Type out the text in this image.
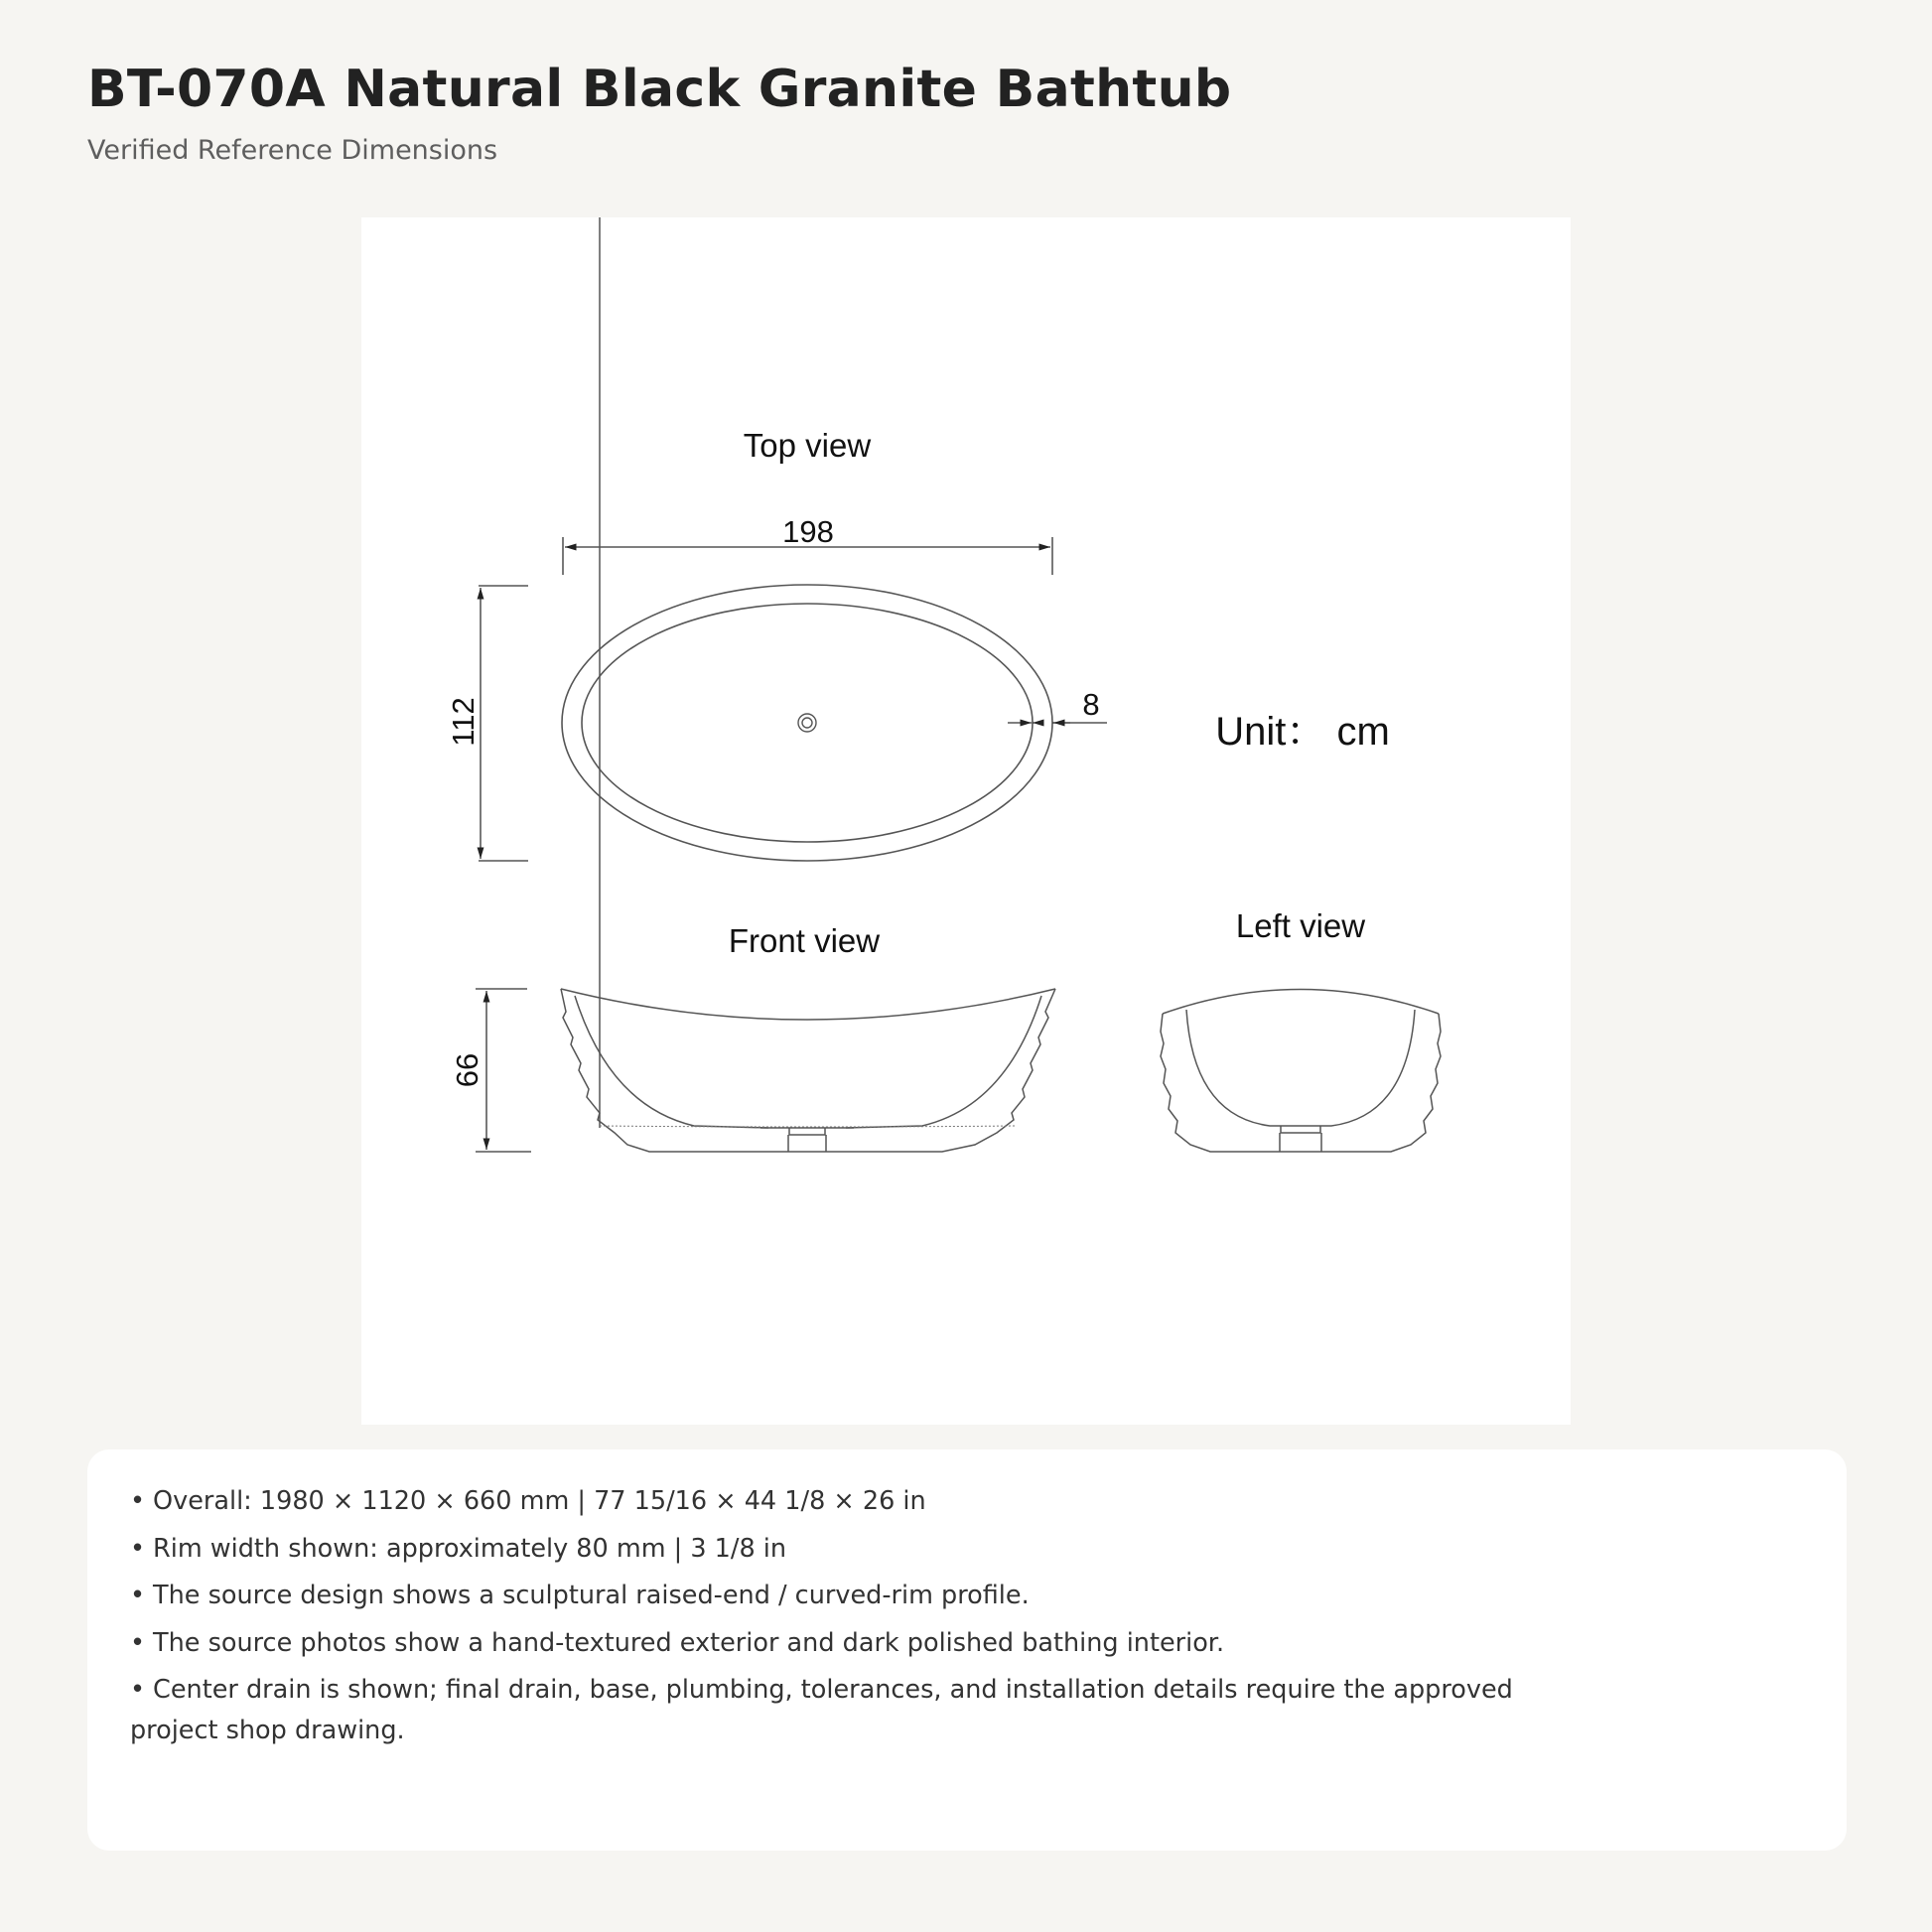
BT-070A Natural Black Granite Bathtub
Verified Reference Dimensions
Top view
198
112	8
Unit： cm
Front view
66
Left view
• Overall: 1980 × 1120 × 660 mm | 77 15/16 × 44 1/8 × 26 in
• Rim width shown: approximately 80 mm | 3 1/8 in
• The source design shows a sculptural raised-end / curved-rim profile.
• The source photos show a hand-textured exterior and dark polished bathing interior.
• Center drain is shown; final drain, base, plumbing, tolerances, and installation details require the approved project shop drawing.
